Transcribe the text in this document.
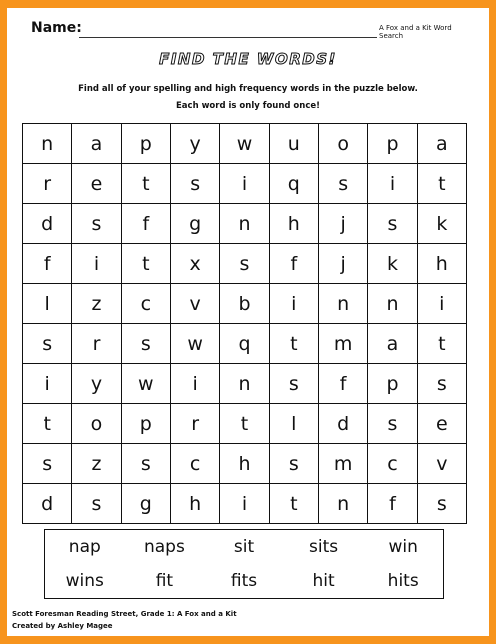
Name:	A Fox and a Kit Word Search
FIND THE WORDS!
Find all of your spelling and high frequency words in the puzzle below.
Each word is only found once!
n	a	p	y	w	u	o	p	a
r	e	t	s	i	q	s	i	t
d	s	f	g	n	h	j	s	k
f	i	t	x	s	f	j	k	h
l	z	c	v	b	i	n	n	i
s	r	s	w	q	t	m	a	t
i	y	w	i	n	s	f	p	s
t	o	p	r	t	l	d	s	e
s	z	s	c	h	s	m	c	v
d	s	g	h	i	t	n	f	s
nap	naps	sit	sits	win
wins	fit	fits	hit	hits
Scott Foresman Reading Street, Grade 1: A Fox and a Kit
Created by Ashley Magee
